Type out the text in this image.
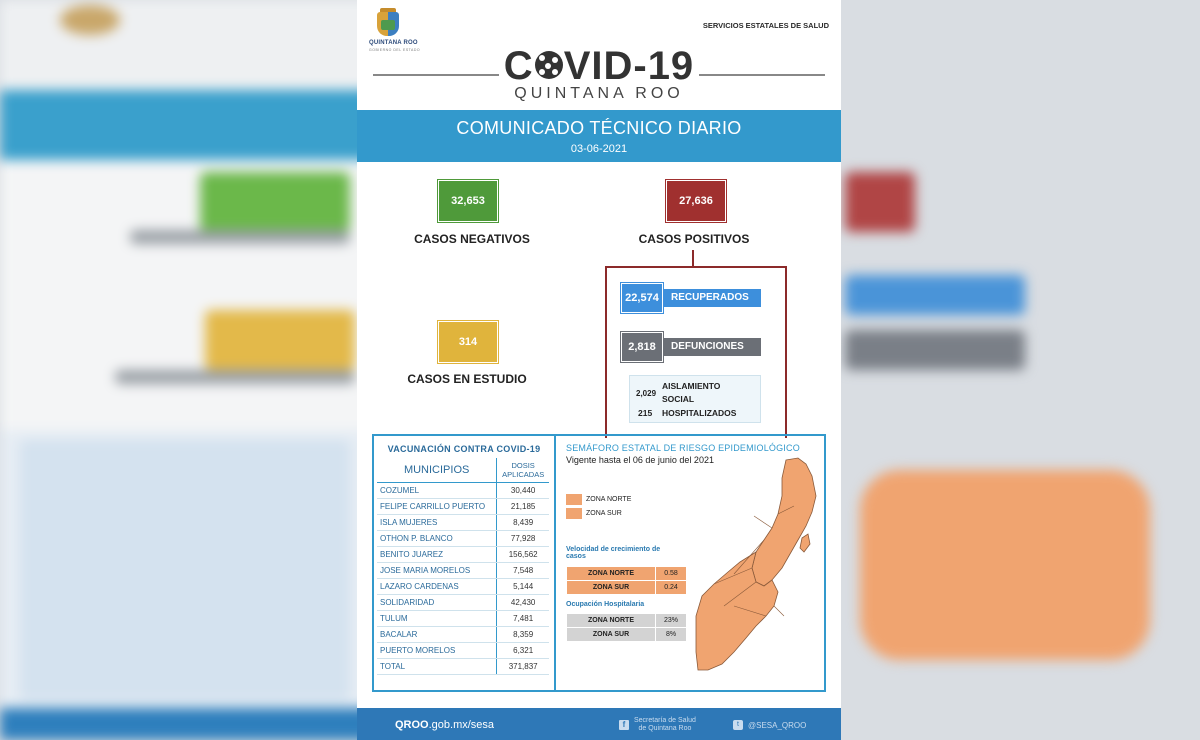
QUINTANA ROO
GOBIERNO DEL ESTADO
SERVICIOS ESTATALES DE SALUD
C VID-19
QUINTANA ROO
COMUNICADO TÉCNICO DIARIO
03-06-2021
32,653
CASOS NEGATIVOS
27,636
CASOS POSITIVOS
314
CASOS EN ESTUDIO
22,574	RECUPERADOS
2,818	DEFUNCIONES
2,029
AISLAMIENTO
SOCIAL
215 HOSPITALIZADOS
VACUNACIÓN CONTRA COVID-19
MUNICIPIOS	DOSIS
APLICADAS
COZUMEL	30,440
FELIPE CARRILLO PUERTO	21,185
ISLA MUJERES	8,439
OTHON P. BLANCO	77,928
BENITO JUAREZ	156,562
JOSE MARIA MORELOS	7,548
LAZARO CARDENAS	5,144
SOLIDARIDAD	42,430
TULUM	7,481
BACALAR	8,359
PUERTO MORELOS	6,321
TOTAL	371,837
SEMÁFORO ESTATAL DE RIESGO EPIDEMIOLÓGICO
Vigente hasta el 06 de junio del 2021
ZONA NORTE
ZONA SUR
Velocidad de crecimiento de casos
ZONA NORTE	0.58
ZONA SUR	0.24
Ocupación Hospitalaria
ZONA NORTE	23%
ZONA SUR	8%
QROO.gob.mx/sesa	f	Secretaría de Salud
de Quintana Roo
t	@SESA_QROO
